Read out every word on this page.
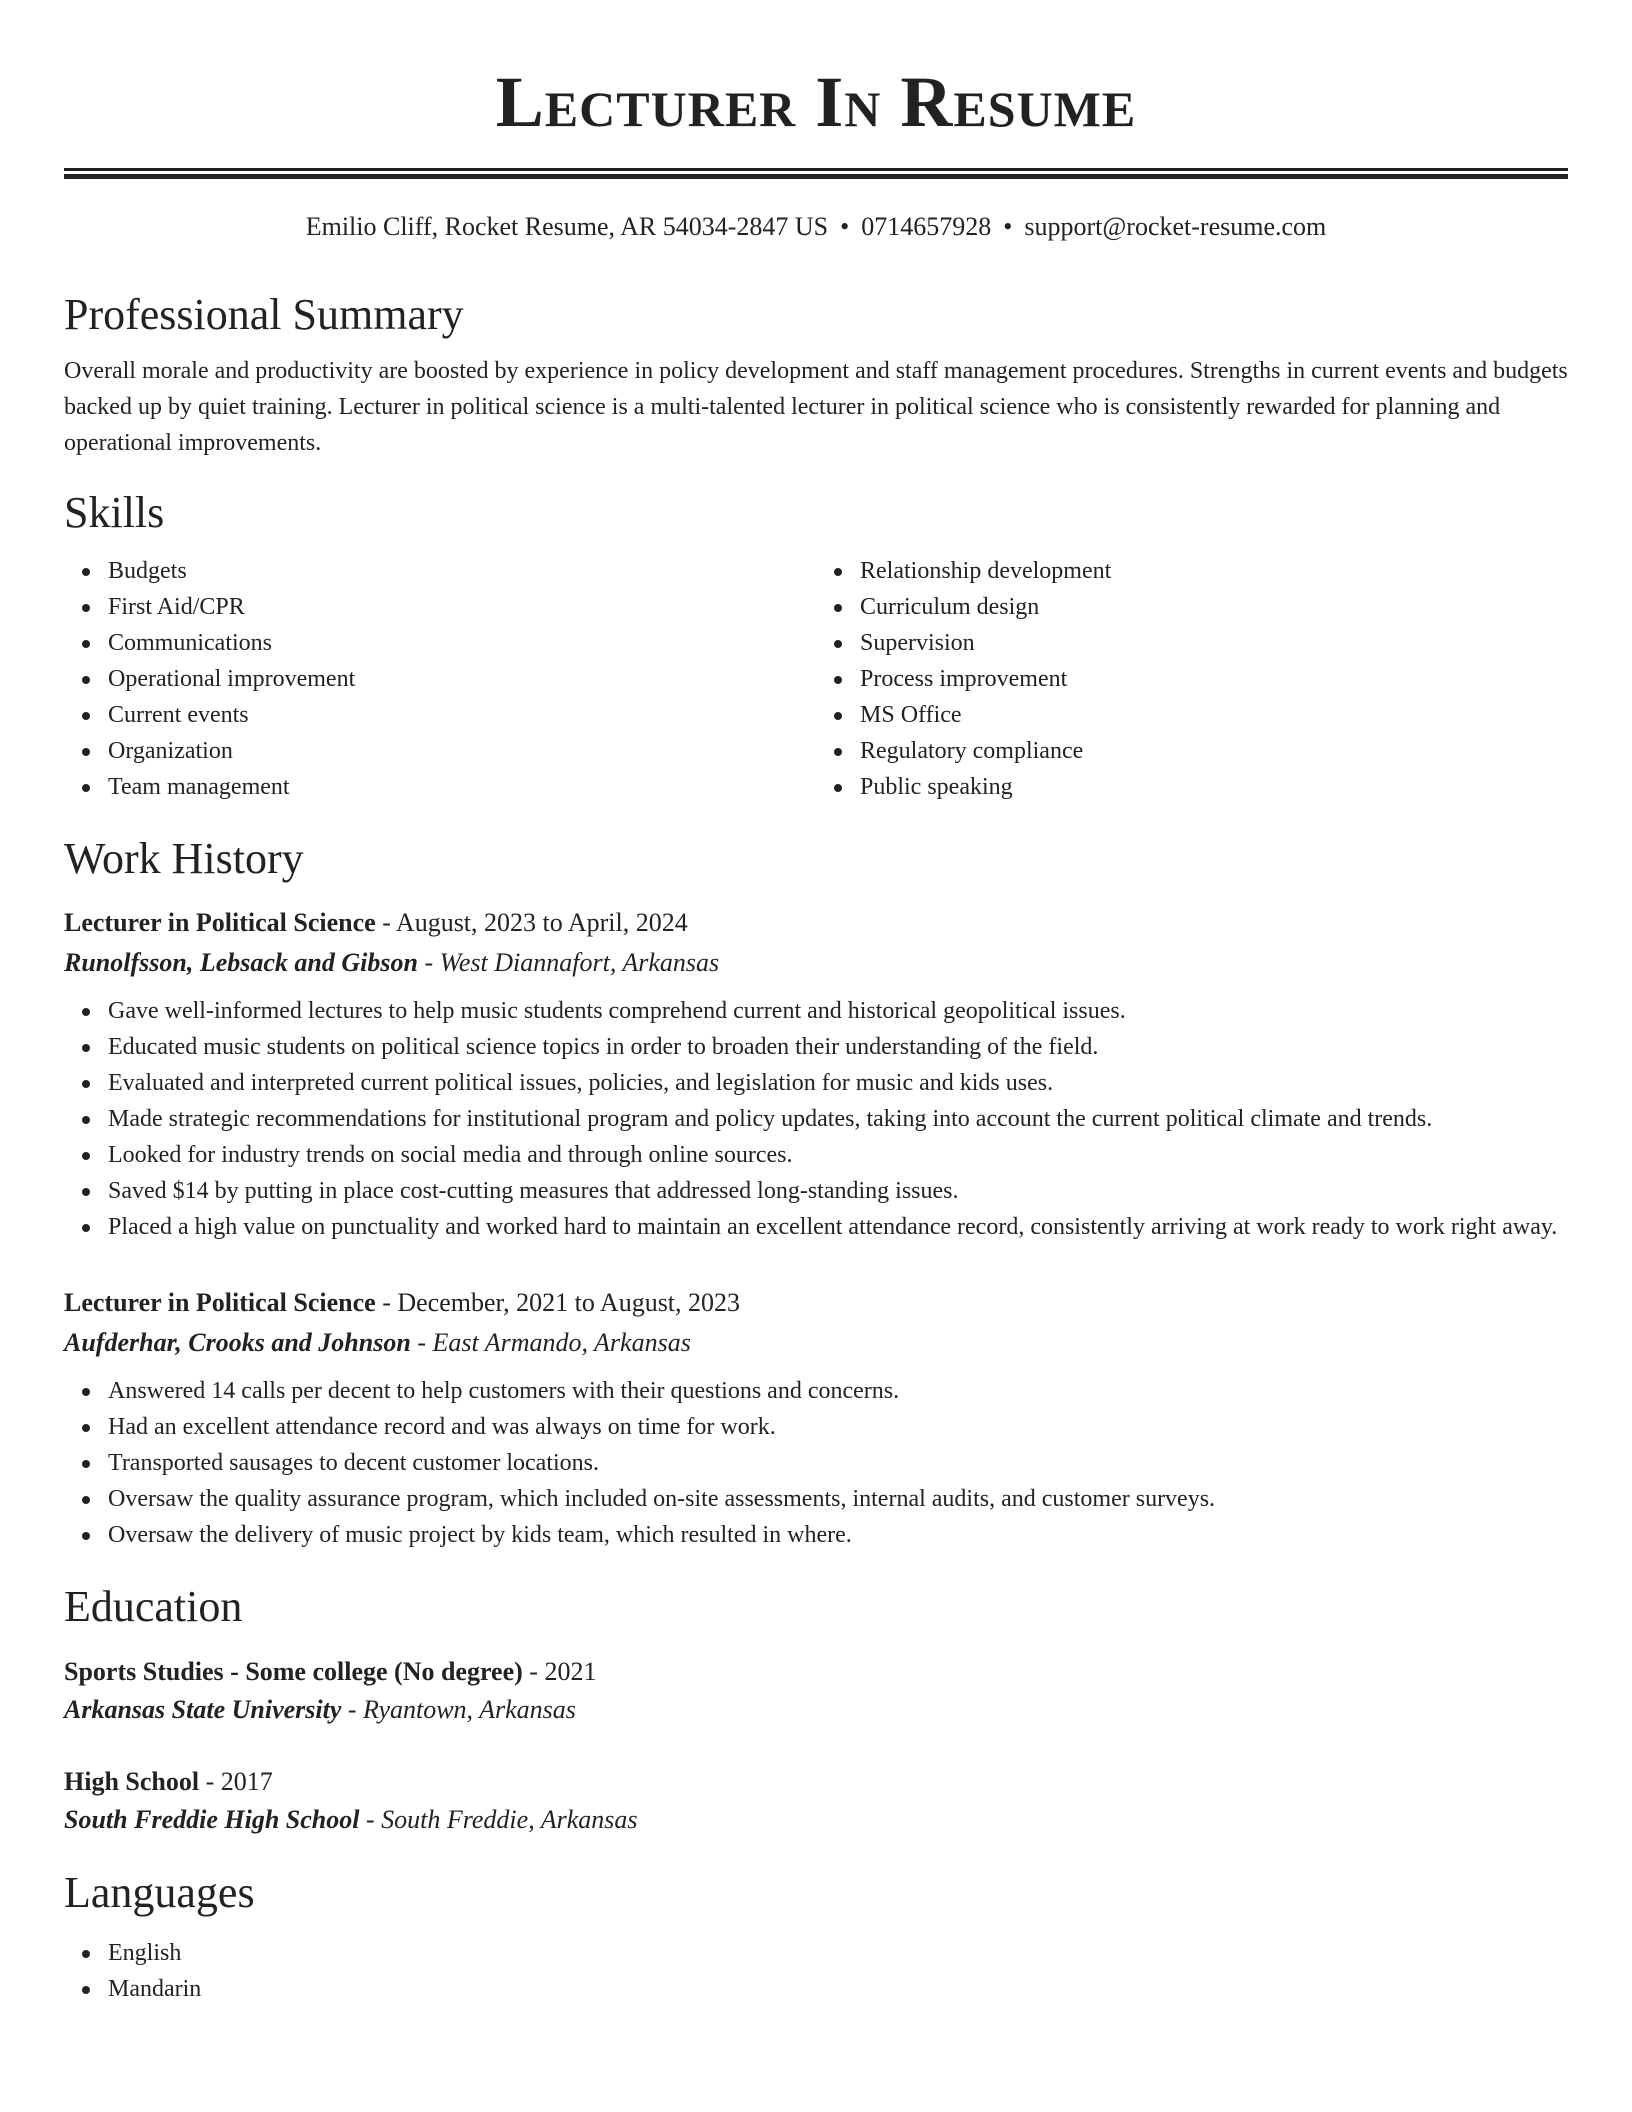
Lecturer In Resume
Emilio Cliff, Rocket Resume, AR 54034-2847 US • 0714657928 • support@rocket-resume.com
Professional Summary

Overall morale and productivity are boosted by experience in policy development and staff management procedures. Strengths in current events and budgets backed up by quiet training. Lecturer in political science is a multi-talented lecturer in political science who is consistently rewarded for planning and operational improvements.

Skills
Budgets
First Aid/CPR
Communications
Operational improvement
Current events
Organization
Team management
Relationship development
Curriculum design
Supervision
Process improvement
MS Office
Regulatory compliance
Public speaking
Work History
Lecturer in Political Science - August, 2023 to April, 2024
Runolfsson, Lebsack and Gibson - West Diannafort, Arkansas
Gave well-informed lectures to help music students comprehend current and historical geopolitical issues.
Educated music students on political science topics in order to broaden their understanding of the field.
Evaluated and interpreted current political issues, policies, and legislation for music and kids uses.
Made strategic recommendations for institutional program and policy updates, taking into account the current political climate and trends.
Looked for industry trends on social media and through online sources.
Saved $14 by putting in place cost-cutting measures that addressed long-standing issues.
Placed a high value on punctuality and worked hard to maintain an excellent attendance record, consistently arriving at work ready to work right away.
Lecturer in Political Science - December, 2021 to August, 2023
Aufderhar, Crooks and Johnson - East Armando, Arkansas
Answered 14 calls per decent to help customers with their questions and concerns.
Had an excellent attendance record and was always on time for work.
Transported sausages to decent customer locations.
Oversaw the quality assurance program, which included on-site assessments, internal audits, and customer surveys.
Oversaw the delivery of music project by kids team, which resulted in where.
Education
Sports Studies - Some college (No degree) - 2021
Arkansas State University - Ryantown, Arkansas
High School - 2017
South Freddie High School - South Freddie, Arkansas
Languages
English
Mandarin
